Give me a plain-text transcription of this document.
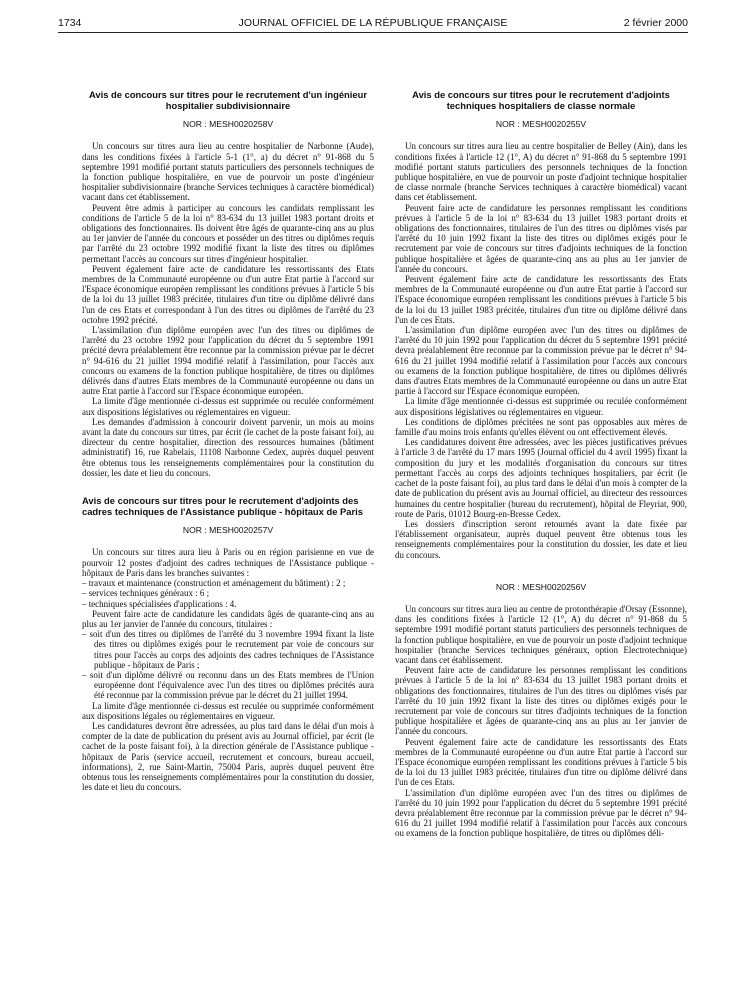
1734	JOURNAL OFFICIEL DE LA RÉPUBLIQUE FRANÇAISE	2 février 2000
Avis de concours sur titres pour le recrutement d'un ingénieur hospitalier subdivisionnaire
NOR : MESH0020258V

Un concours sur titres aura lieu au centre hospitalier de Narbonne (Aude), dans les conditions fixées à l'article 5-1 (1°, a) du décret n° 91-868 du 5 septembre 1991 modifié portant statuts particuliers des personnels techniques de la fonction publique hospitalière, en vue de pourvoir un poste d'ingénieur hospitalier subdivisionnaire (branche Services techniques à caractère biomédical) vacant dans cet établissement.

Peuvent être admis à participer au concours les candidats remplissant les conditions de l'article 5 de la loi n° 83-634 du 13 juillet 1983 portant droits et obligations des fonctionnaires. Ils doivent être âgés de quarante-cinq ans au plus au 1er janvier de l'année du concours et posséder un des titres ou diplômes requis par l'arrêté du 23 octobre 1992 modifié fixant la liste des titres ou diplômes permettant l'accès au concours sur titres d'ingénieur hospitalier.

Peuvent également faire acte de candidature les ressortissants des Etats membres de la Communauté européenne ou d'un autre Etat partie à l'accord sur l'Espace économique européen remplissant les conditions prévues à l'article 5 bis de la loi du 13 juillet 1983 précitée, titulaires d'un titre ou diplôme délivré dans l'un de ces Etats et correspondant à l'un des titres ou diplômes de l'arrêté du 23 octobre 1992 précité.

L'assimilation d'un diplôme européen avec l'un des titres ou diplômes de l'arrêté du 23 octobre 1992 pour l'application du décret du 5 septembre 1991 précité devra préalablement être reconnue par la commission prévue par le décret n° 94-616 du 21 juillet 1994 modifié relatif à l'assimilation, pour l'accès aux concours ou examens de la fonction publique hospitalière, de titres ou diplômes délivrés dans d'autres Etats membres de la Communauté européenne ou dans un autre Etat partie à l'accord sur l'Espace économique européen.

La limite d'âge mentionnée ci-dessus est supprimée ou reculée conformément aux dispositions législatives ou réglementaires en vigueur.

Les demandes d'admission à concourir doivent parvenir, un mois au moins avant la date du concours sur titres, par écrit (le cachet de la poste faisant foi), au directeur du centre hospitalier, direction des ressources humaines (bâtiment administratif) 16, rue Rabelais, 11108 Narbonne Cedex, auprès duquel peuvent être obtenus tous les renseignements complémentaires pour la constitution du dossier, les date et lieu du concours.

Avis de concours sur titres pour le recrutement d'adjoints des cadres techniques de l'Assistance publique - hôpitaux de Paris
NOR : MESH0020257V

Un concours sur titres aura lieu à Paris ou en région parisienne en vue de pourvoir 12 postes d'adjoint des cadres techniques de l'Assistance publique - hôpitaux de Paris dans les branches suivantes :

– travaux et maintenance (construction et aménagement du bâtiment) : 2 ;
– services techniques généraux : 6 ;
– techniques spécialisées d'applications : 4.

Peuvent faire acte de candidature les candidats âgés de quarante-cinq ans au plus au 1er janvier de l'année du concours, titulaires :

– soit d'un des titres ou diplômes de l'arrêté du 3 novembre 1994 fixant la liste des titres ou diplômes exigés pour le recrutement par voie de concours sur titres pour l'accès au corps des adjoints des cadres techniques de l'Assistance publique - hôpitaux de Paris ;
– soit d'un diplôme délivré ou reconnu dans un des Etats membres de l'Union européenne dont l'équivalence avec l'un des titres ou diplômes précités aura été reconnue par la commission prévue par le décret du 21 juillet 1994.

La limite d'âge mentionnée ci-dessus est reculée ou supprimée conformément aux dispositions légales ou réglementaires en vigueur.

Les candidatures devront être adressées, au plus tard dans le délai d'un mois à compter de la date de publication du présent avis au Journal officiel, par écrit (le cachet de la poste faisant foi), à la direction générale de l'Assistance publique - hôpitaux de Paris (service accueil, recrutement et concours, bureau accueil, informations), 2, rue Saint-Martin, 75004 Paris, auprès duquel peuvent être obtenus tous les renseignements complémentaires pour la constitution du dossier, les date et lieu du concours.

Avis de concours sur titres pour le recrutement d'adjoints techniques hospitaliers de classe normale
NOR : MESH0020255V

Un concours sur titres aura lieu au centre hospitalier de Belley (Ain), dans les conditions fixées à l'article 12 (1°, A) du décret n° 91-868 du 5 septembre 1991 modifié portant statuts particuliers des personnels techniques de la fonction publique hospitalière, en vue de pourvoir un poste d'adjoint technique hospitalier de classe normale (branche Services techniques à caractère biomédical) vacant dans cet établissement.

Peuvent faire acte de candidature les personnes remplissant les conditions prévues à l'article 5 de la loi n° 83-634 du 13 juillet 1983 portant droits et obligations des fonctionnaires, titulaires de l'un des titres ou diplômes visés par l'arrêté du 10 juin 1992 fixant la liste des titres ou diplômes exigés pour le recrutement par voie de concours sur titres d'adjoints techniques de la fonction publique hospitalière et âgées de quarante-cinq ans au plus au 1er janvier de l'année du concours.

Peuvent également faire acte de candidature les ressortissants des Etats membres de la Communauté européenne ou d'un autre Etat partie à l'accord sur l'Espace économique européen remplissant les conditions prévues à l'article 5 bis de la loi du 13 juillet 1983 précitée, titulaires d'un titre ou diplôme délivré dans l'un de ces Etats.

L'assimilation d'un diplôme européen avec l'un des titres ou diplômes de l'arrêté du 10 juin 1992 pour l'application du décret du 5 septembre 1991 précité devra préalablement être reconnue par la commission prévue par le décret n° 94-616 du 21 juillet 1994 modifié relatif à l'assimilation pour l'accès aux concours ou examens de la fonction publique hospitalière, de titres ou diplômes délivrés dans d'autres Etats membres de la Communauté européenne ou dans un autre Etat partie à l'accord sur l'Espace économique européen.

La limite d'âge mentionnée ci-dessus est supprimée ou reculée conformément aux dispositions législatives ou réglementaires en vigueur.

Les conditions de diplômes précitées ne sont pas opposables aux mères de famille d'au moins trois enfants qu'elles élèvent ou ont effectivement élevés.

Les candidatures doivent être adressées, avec les pièces justificatives prévues à l'article 3 de l'arrêté du 17 mars 1995 (Journal officiel du 4 avril 1995) fixant la composition du jury et les modalités d'organisation du concours sur titres permettant l'accès au corps des adjoints techniques hospitaliers, par écrit (le cachet de la poste faisant foi), au plus tard dans le délai d'un mois à compter de la date de publication du présent avis au Journal officiel, au directeur des ressources humaines du centre hospitalier (bureau du recrutement), hôpital de Fleyriat, 900, route de Paris, 01012 Bourg-en-Bresse Cedex.

Les dossiers d'inscription seront retournés avant la date fixée par l'établissement organisateur, auprès duquel peuvent être obtenus tous les renseignements complémentaires pour la constitution du dossier, les date et lieu du concours.

NOR : MESH0020256V

Un concours sur titres aura lieu au centre de protonthérapie d'Orsay (Essonne), dans les conditions fixées à l'article 12 (1°, A) du décret n° 91-868 du 5 septembre 1991 modifié portant statuts particuliers des personnels techniques de la fonction publique hospitalière, en vue de pourvoir un poste d'adjoint technique hospitalier (branche Services techniques généraux, option Electrotechnique) vacant dans cet établissement.

Peuvent faire acte de candidature les personnes remplissant les conditions prévues à l'article 5 de la loi n° 83-634 du 13 juillet 1983 portant droits et obligations des fonctionnaires, titulaires de l'un des titres ou diplômes visés par l'arrêté du 10 juin 1992 fixant la liste des titres ou diplômes exigés pour le recrutement par voie de concours sur titres d'adjoints techniques de la fonction publique hospitalière et âgées de quarante-cinq ans au plus au 1er janvier de l'année du concours.

Peuvent également faire acte de candidature les ressortissants des Etats membres de la Communauté européenne ou d'un autre Etat partie à l'accord sur l'Espace économique européen remplissant les conditions prévues à l'article 5 bis de la loi du 13 juillet 1983 précitée, titulaires d'un titre ou diplôme délivré dans l'un de ces Etats.

L'assimilation d'un diplôme européen avec l'un des titres ou diplômes de l'arrêté du 10 juin 1992 pour l'application du décret du 5 septembre 1991 précité devra préalablement être reconnue par la commission prévue par le décret n° 94-616 du 21 juillet 1994 modifié relatif à l'assimilation pour l'accès aux concours ou examens de la fonction publique hospitalière, de titres ou diplômes déli-
